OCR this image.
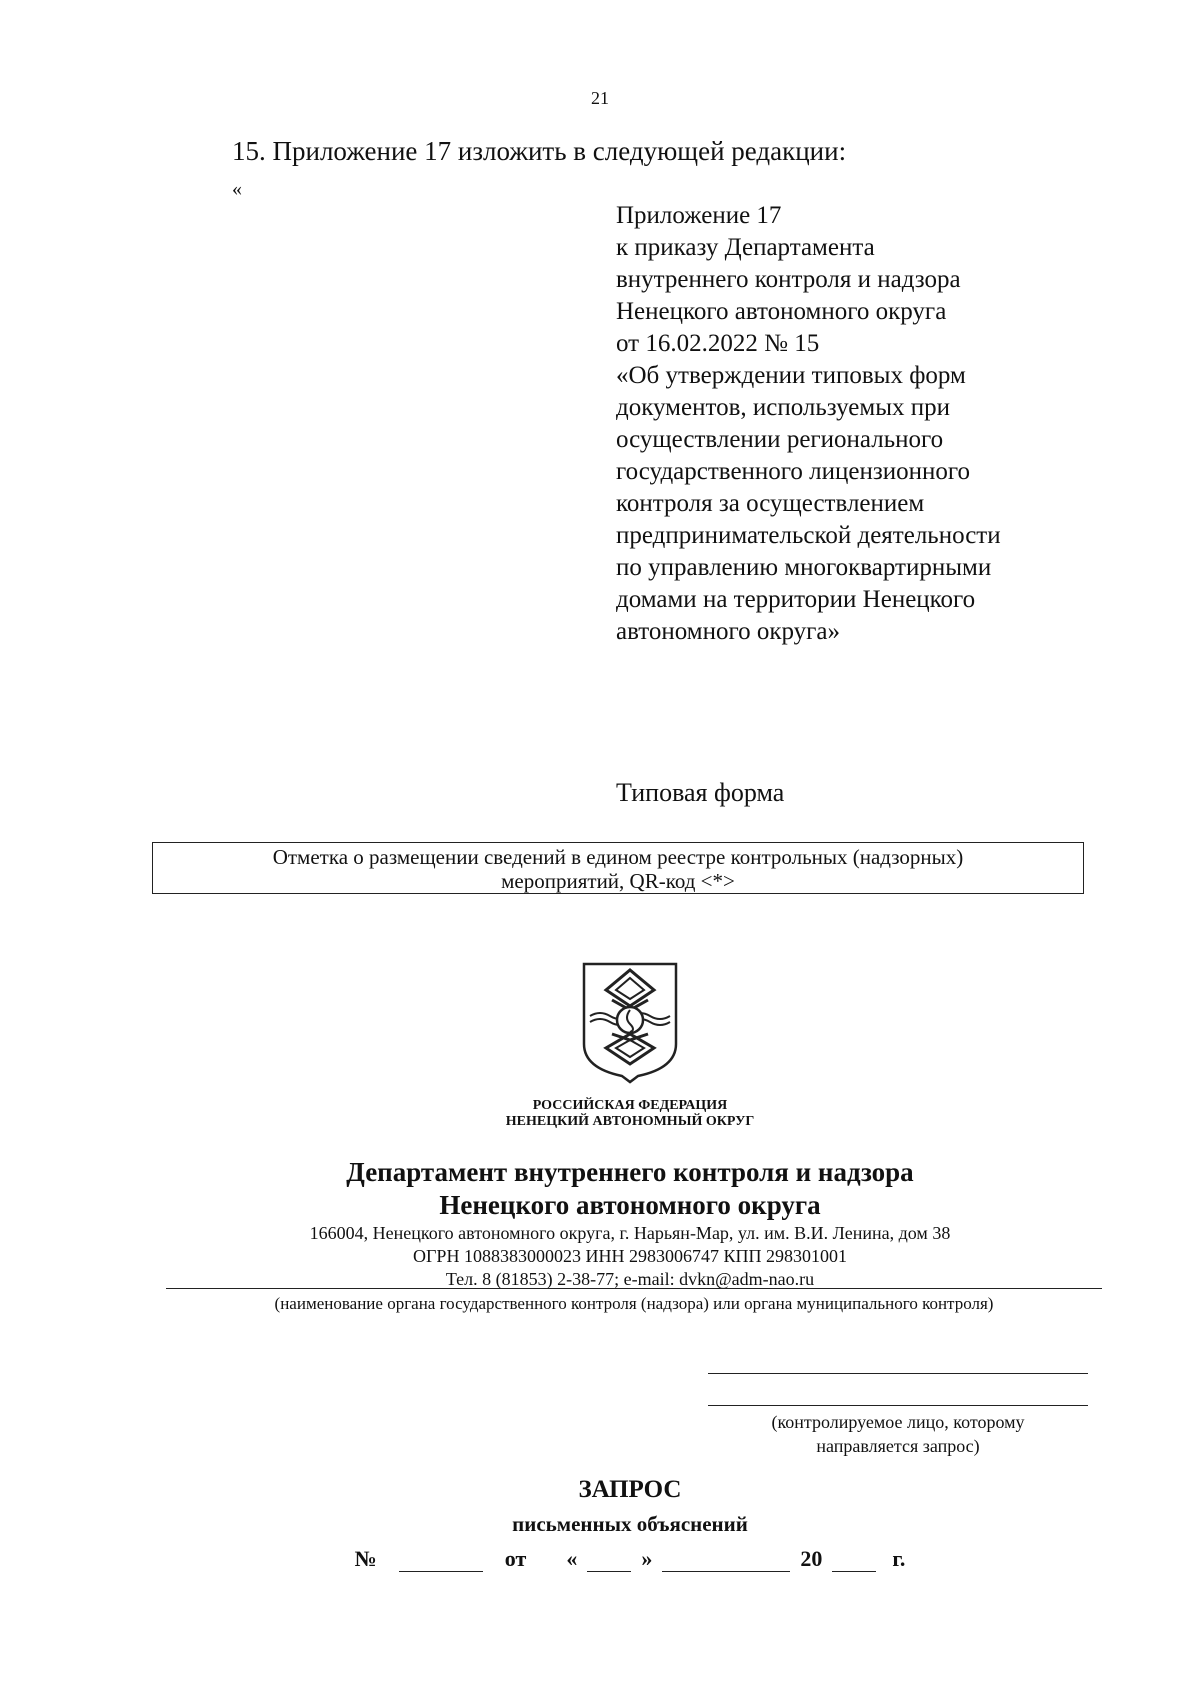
21
15. Приложение 17 изложить в следующей редакции:
«
Приложение 17
к приказу Департамента
внутреннего контроля и надзора
Ненецкого автономного округа
от 16.02.2022 № 15
«Об утверждении типовых форм
документов, используемых при
осуществлении регионального
государственного лицензионного
контроля за осуществлением
предпринимательской деятельности
по управлению многоквартирными
домами на территории Ненецкого
автономного округа»
Типовая форма
Отметка о размещении сведений в едином реестре контрольных (надзорных)
мероприятий, QR-код <*>
РОССИЙСКАЯ ФЕДЕРАЦИЯ
НЕНЕЦКИЙ АВТОНОМНЫЙ ОКРУГ
Департамент внутреннего контроля и надзора
Ненецкого автономного округа
166004, Ненецкого автономного округа, г. Нарьян-Мар, ул. им. В.И. Ленина, дом 38
ОГРН 1088383000023 ИНН 2983006747 КПП 298301001
Тел. 8 (81853) 2-38-77; e-mail: dvkn@adm-nao.ru
(наименование органа государственного контроля (надзора) или органа муниципального контроля)
(контролируемое лицо, которому
направляется запрос)
ЗАПРОС
письменных объяснений
№	от «	»	20	г.
